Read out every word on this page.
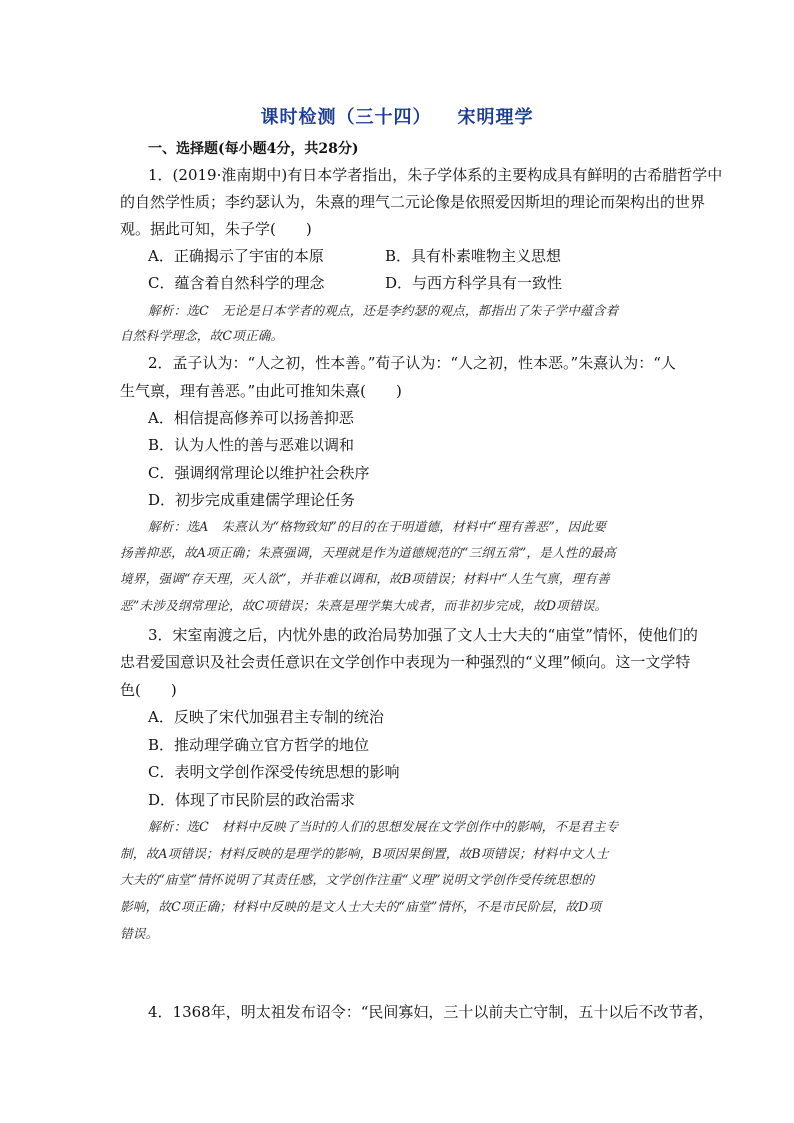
课时检测（三十四） 宋明理学
一、选择题(每小题4分，共28分)
1．(2019·淮南期中)有日本学者指出，朱子学体系的主要构成具有鲜明的古希腊哲学中
的自然学性质；李约瑟认为，朱熹的理气二元论像是依照爱因斯坦的理论而架构出的世界
观。据此可知，朱子学(　　)
A．正确揭示了宇宙的本原	B．具有朴素唯物主义思想
C．蕴含着自然科学的理念	D．与西方科学具有一致性
解析：选C　无论是日本学者的观点，还是李约瑟的观点，都指出了朱子学中蕴含着
自然科学理念，故C项正确。
2．孟子认为：“人之初，性本善。”荀子认为：“人之初，性本恶。”朱熹认为：“人
生气禀，理有善恶。”由此可推知朱熹(　　)
A．相信提高修养可以扬善抑恶
B．认为人性的善与恶难以调和
C．强调纲常理论以维护社会秩序
D．初步完成重建儒学理论任务
解析：选A　朱熹认为“格物致知”的目的在于明道德，材料中“理有善恶”，因此要
扬善抑恶，故A项正确；朱熹强调，天理就是作为道德规范的“三纲五常”，是人性的最高
境界，强调“存天理，灭人欲”，并非难以调和，故B项错误；材料中“人生气禀，理有善
恶”未涉及纲常理论，故C项错误；朱熹是理学集大成者，而非初步完成，故D项错误。
3．宋室南渡之后，内忧外患的政治局势加强了文人士大夫的“庙堂”情怀，使他们的
忠君爱国意识及社会责任意识在文学创作中表现为一种强烈的“义理”倾向。这一文学特
色(　　)
A．反映了宋代加强君主专制的统治
B．推动理学确立官方哲学的地位
C．表明文学创作深受传统思想的影响
D．体现了市民阶层的政治需求
解析：选C　材料中反映了当时的人们的思想发展在文学创作中的影响，不是君主专
制，故A项错误；材料反映的是理学的影响，B项因果倒置，故B项错误；材料中文人士
大夫的“庙堂”情怀说明了其责任感，文学创作注重“义理”说明文学创作受传统思想的
影响，故C项正确；材料中反映的是文人士大夫的“庙堂”情怀，不是市民阶层，故D项
错误。
4．1368年，明太祖发布诏令：“民间寡妇，三十以前夫亡守制，五十以后不改节者，
